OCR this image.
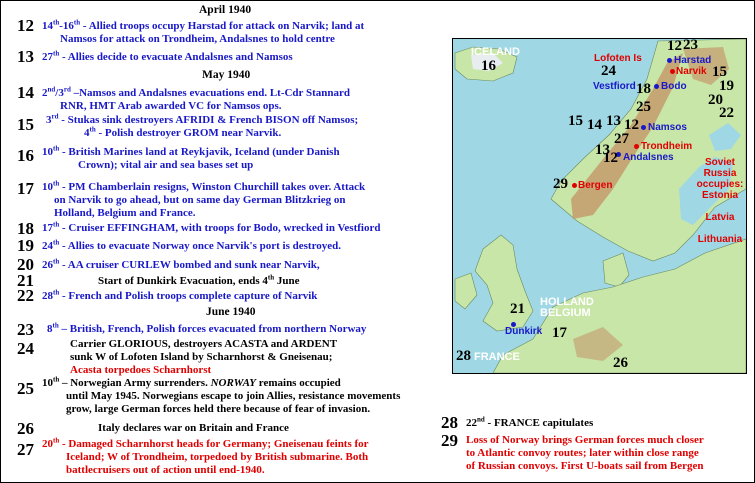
April 1940
May 1940
June 1940
12 14th-16th - Allied troops occupy Harstad for attack on Narvik; land at
Namsos for attack on Trondheim, Andalsnes to hold centre
13 27th - Allies decide to evacuate Andalsnes and Namsos
14 2nd/3rd –Namsos and Andalsnes evacuations end. Lt-Cdr Stannard
RNR, HMT Arab awarded VC for Namsos ops.
15	3rd - Stukas sink destroyers AFRIDI & French BISON off Namsos;
4th - Polish destroyer GROM near Narvik.
16 10th - British Marines land at Reykjavik, Iceland (under Danish
Crown); vital air and sea bases set up
17 10th - PM Chamberlain resigns, Winston Churchill takes over. Attack
on Narvik to go ahead, but on same day German Blitzkrieg on
Holland, Belgium and France.
18 17th - Cruiser EFFINGHAM, with troops for Bodo, wrecked in Vestfiord
19 24th - Allies to evacuate Norway once Narvik's port is destroyed.
20 26th - AA cruiser CURLEW bombed and sunk near Narvik,
21	Start of Dunkirk Evacuation, ends 4th June
22 28th - French and Polish troops complete capture of Narvik
23 8th – British, French, Polish forces evacuated from northern Norway
24	Carrier GLORIOUS, destroyers ACASTA and ARDENT
sunk W of Lofoten Island by Scharnhorst & Gneisenau;
Acasta torpedoes Scharnhorst
25 10th – Norwegian Army surrenders. NORWAY remains occupied
until May 1945. Norwegians escape to join Allies, resistance movements
grow, large German forces held there because of fear of invasion.
26	Italy declares war on Britain and France
27 20th - Damaged Scharnhorst heads for Germany; Gneisenau feints for
Iceland; W of Trondheim, torpedoed by British submarine. Both
battlecruisers out of action until end-1940.
28 22nd - FRANCE capitulates
29 Loss of Norway brings German forces much closer
to Atlantic convoy routes; later within close range
of Russian convoys. First U-boats sail from Bergen
ICELAND
16	Lofoten Is
12 23
Harstad
Narvik
24	15
Vestfiord 18 Bodo 19
20
22
25
15 14 13 12 Namsos
27 Trondheim
13
12 Andalsnes
29 Bergen
Soviet
Russia
occupies:
Estonia

Latvia

Lithuania
HOLLAND
BELGIUM
21
Dunkirk 17
28 FRANCE	26
